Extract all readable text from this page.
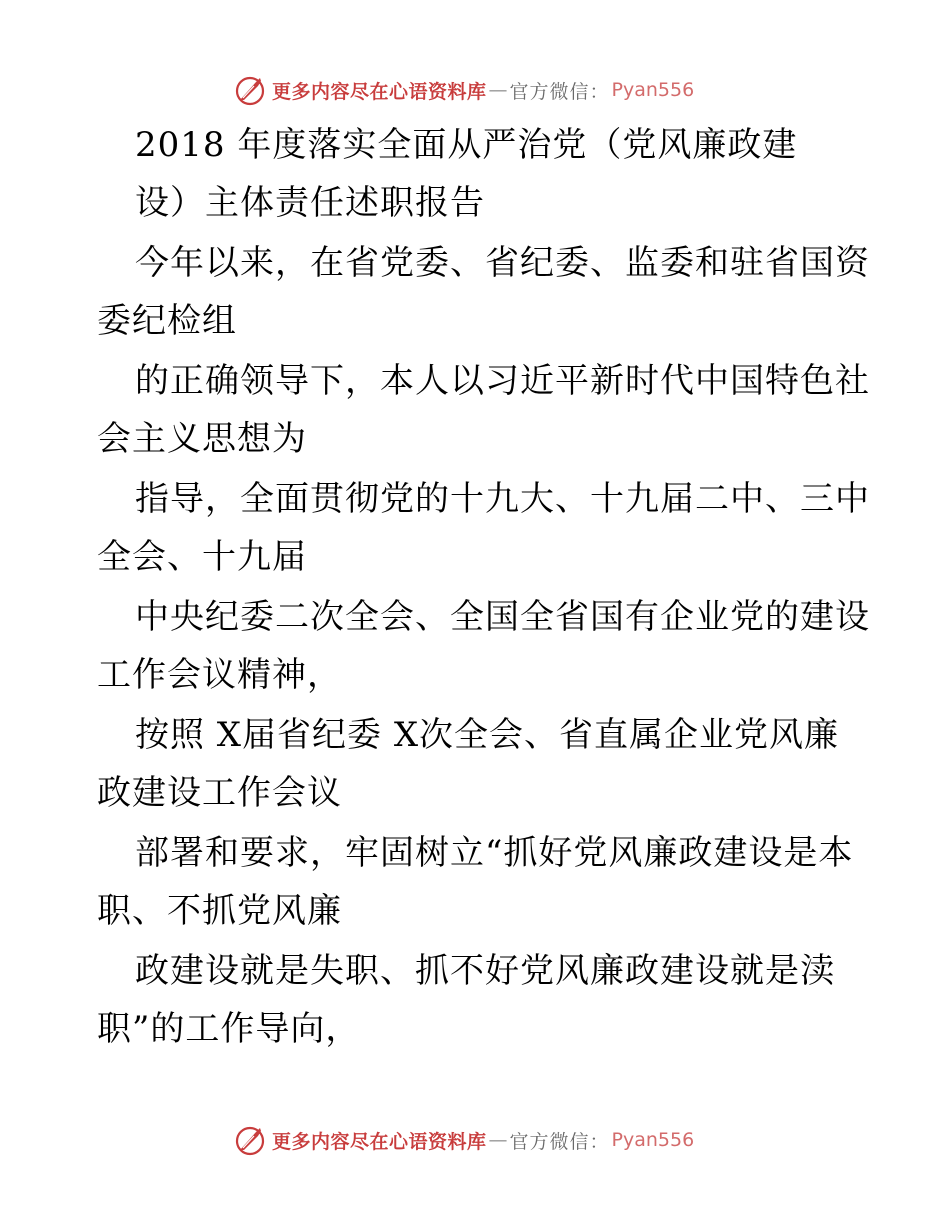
更多内容尽在心语资料库 — 官方微信： Pyan556
2018 年度落实全面从严治党（党风廉政建
设）主体责任述职报告
今年以来，在省党委、省纪委、监委和驻省国资
委纪检组
的正确领导下，本人以习近平新时代中国特色社
会主义思想为
指导，全面贯彻党的十九大、十九届二中、三中
全会、十九届
中央纪委二次全会、全国全省国有企业党的建设
工作会议精神，
按照 X届省纪委 X次全会、省直属企业党风廉
政建设工作会议
部署和要求，牢固树立“抓好党风廉政建设是本
职、不抓党风廉
政建设就是失职、抓不好党风廉政建设就是渎
职”的工作导向，
更多内容尽在心语资料库 — 官方微信： Pyan556
